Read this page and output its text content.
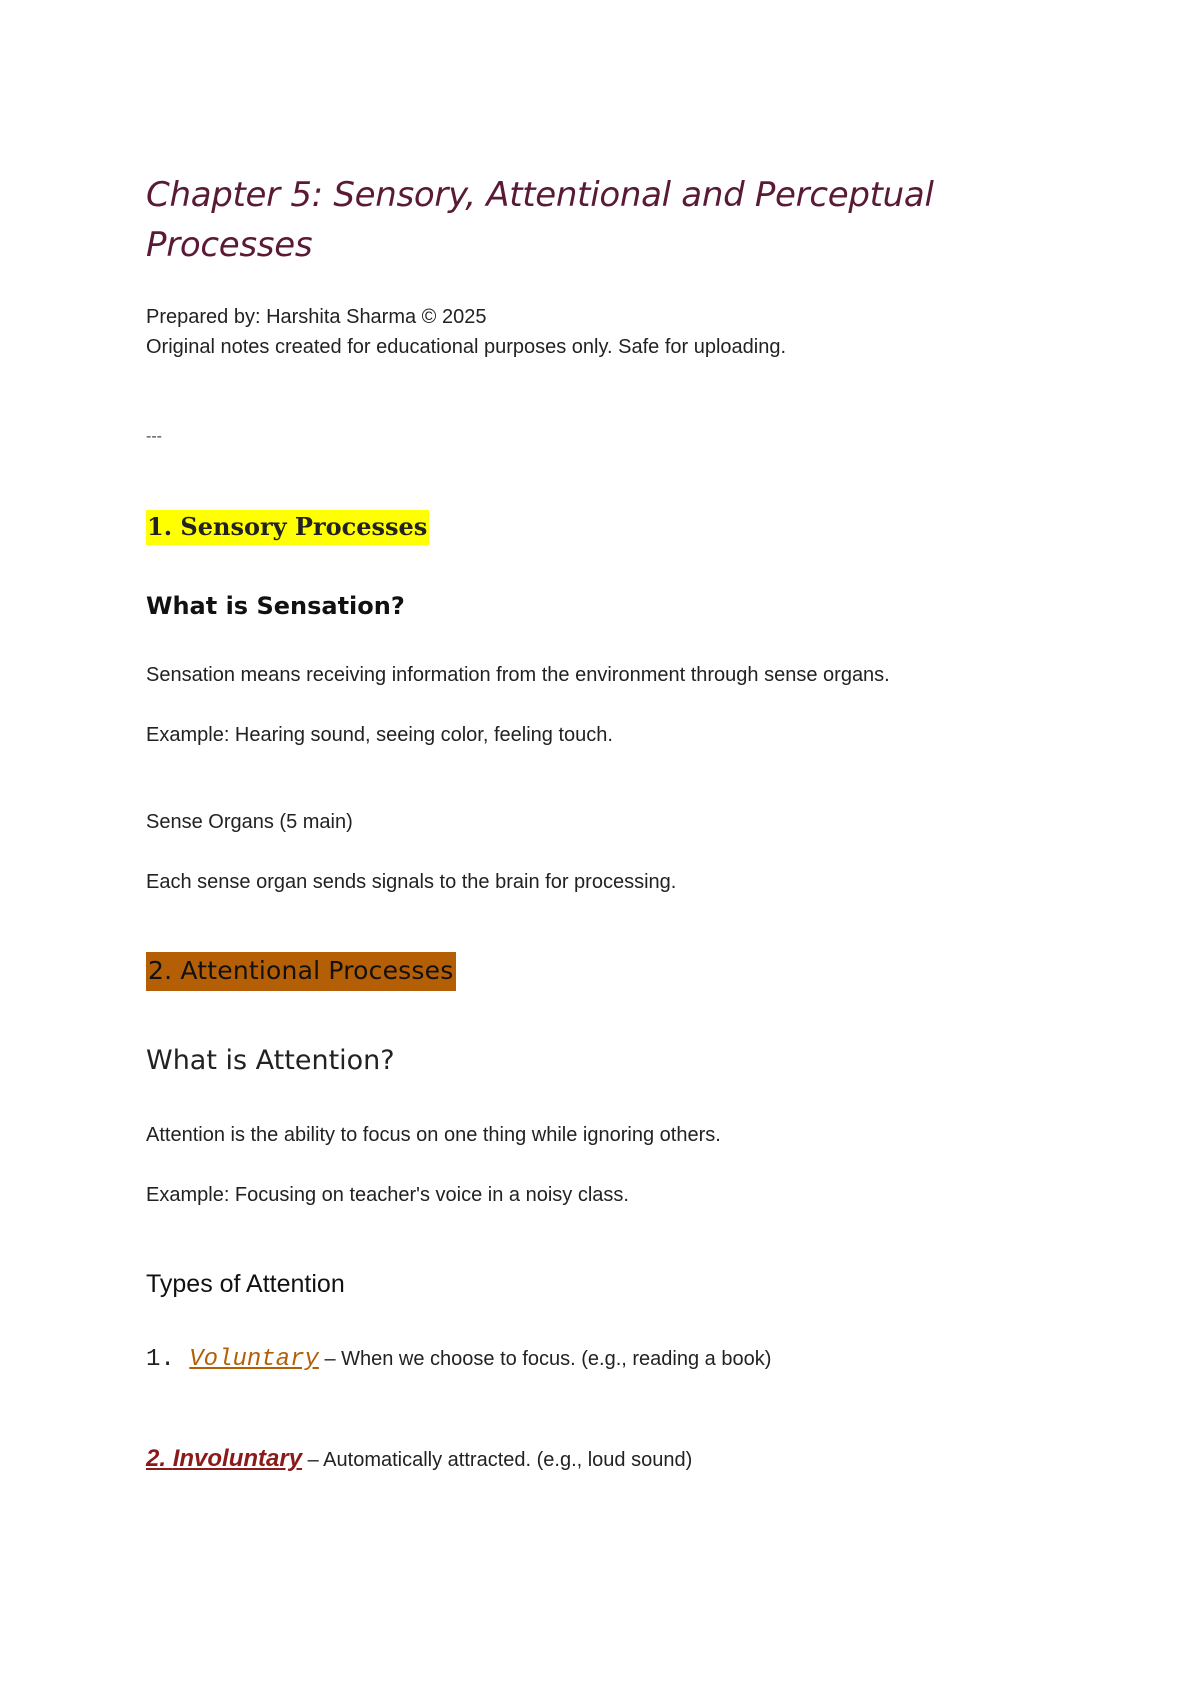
Chapter 5: Sensory, Attentional and Perceptual Processes
Prepared by: Harshita Sharma © 2025
Original notes created for educational purposes only. Safe for uploading.
---
1. Sensory Processes
What is Sensation?
Sensation means receiving information from the environment through sense organs.
Example: Hearing sound, seeing color, feeling touch.
Sense Organs (5 main)
Each sense organ sends signals to the brain for processing.
2. Attentional Processes
What is Attention?
Attention is the ability to focus on one thing while ignoring others.
Example: Focusing on teacher's voice in a noisy class.
Types of Attention
1. Voluntary – When we choose to focus. (e.g., reading a book)
2. Involuntary – Automatically attracted. (e.g., loud sound)
